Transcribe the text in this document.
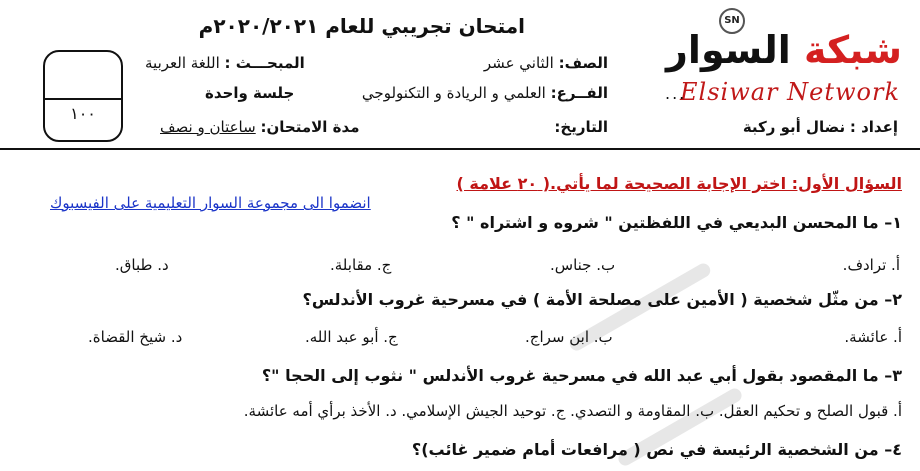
SN
شبكة السوار
Elsiwar Network
امتحان تجريبي للعام ٢٠٢٠/٢٠٢١م
الصف: الثاني عشر
المبحـــث : اللغة العربية
الفــرع: العلمي و الريادة و التكنولوجي
جلسة واحدة
التاريخ:
مدة الامتحان: ساعتان و نصف
...
إعداد : نضال أبو ركبة
١٠٠
السؤال الأول: اختر الإجابة الصحيحة لما يأتي.( ٢٠ علامة )
انضموا الى مجموعة السوار التعليمية على الفيسبوك
١– ما المحسن البديعي في اللفظتين " شروه و اشتراه " ؟
أ. ترادف.
ب. جناس.
ج. مقابلة.
د. طباق.
٢– من مثّل شخصية ( الأمين على مصلحة الأمة ) في مسرحية غروب الأندلس؟
أ. عائشة.
ب. ابن سراج.
ج. أبو عبد الله.
د. شيخ القضاة.
٣– ما المقصود بقول أبي عبد الله في مسرحية غروب الأندلس " نثوب إلى الحجا "؟
أ. قبول الصلح و تحكيم العقل. ب. المقاومة و التصدي. ج. توحيد الجيش الإسلامي. د. الأخذ برأي أمه عائشة.
٤– من الشخصية الرئيسة في نص ( مرافعات أمام ضمير غائب)؟
